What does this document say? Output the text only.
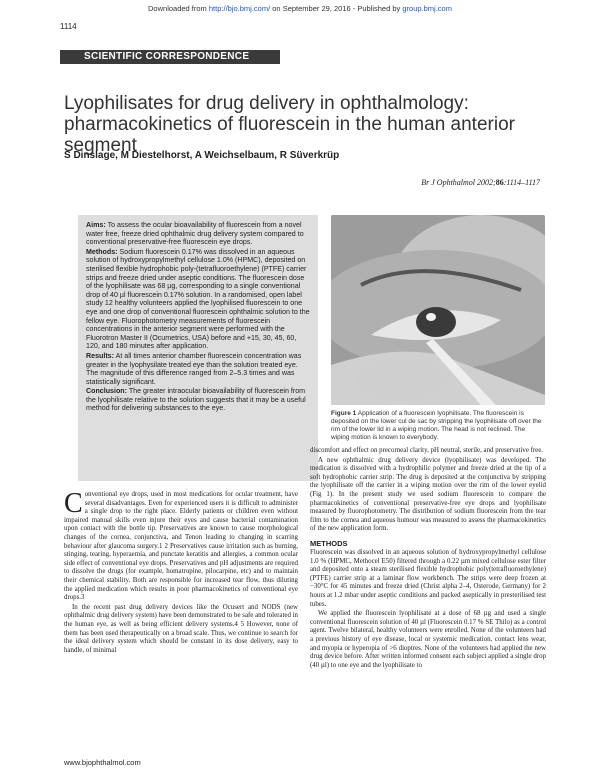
Downloaded from http://bjo.bmj.com/ on September 29, 2016 - Published by group.bmj.com
1114
SCIENTIFIC CORRESPONDENCE
Lyophilisates for drug delivery in ophthalmology: pharmacokinetics of fluorescein in the human anterior segment
S Dinslage, M Diestelhorst, A Weichselbaum, R Süverkrüp
Br J Ophthalmol 2002;86:1114–1117

Aims: To assess the ocular bioavailability of fluorescein from a novel water free, freeze dried ophthalmic drug delivery system compared to conventional preservative-free fluorescein eye drops.

Methods: Sodium fluorescein 0.17% was dissolved in an aqueous solution of hydroxypropylmethyl cellulose 1.0% (HPMC), deposited on sterilised flexible hydrophobic poly-(tetrafluoroethylene) (PTFE) carrier strips and freeze dried under aseptic conditions. The fluorescein dose of the lyophilisate was 68 µg, corresponding to a single conventional drop of 40 µl fluorescein 0.17% solution. In a randomised, open label study 12 healthy volunteers applied the lyophilised fluorescein to one eye and one drop of conventional fluorescein ophthalmic solution to the fellow eye. Fluorophotometry measurements of fluorescein concentrations in the anterior segment were performed with the Fluorotron Master II (Ocumetrics, USA) before and +15, 30, 45, 60, 120, and 180 minutes after application.

Results: At all times anterior chamber fluorescein concentration was greater in the lyophysilate treated eye than the solution treated eye. The magnitude of this difference ranged from 2–5.3 times and was statistically significant.

Conclusion: The greater intraocular bioavailability of fluorescein from the lyophilisate relative to the solution suggests that it may be a useful method for delivering substances to the eye.

Figure 1 Application of a fluorescein lyophilisate. The fluorescein is deposited on the lower cul de sac by stripping the lyophilisate off over the rim of the lower lid in a wiping motion. The head is not reclined. The wiping motion is known to everybody.

Conventional eye drops, used in most medications for ocular treatment, have several disadvantages. Even for experienced users it is difficult to administer a single drop to the right place. Elderly patients or children even without impaired manual skills even injure their eyes and cause bacterial contamination upon contact with the bottle tip. Preservatives are known to cause morphological changes of the cornea, conjunctiva, and Tenon leading to changing in scarring behaviour after glaucoma surgery.1 2 Preservatives cause irritation such as burning, stinging, tearing, hyperaemia, and punctate keratitis and allergies, a common ocular side effect of conventional eye drops. Preservatives and pH adjustments are required to dissolve the drugs (for example, homatropine, pilocarpine, etc) and to maintain their chemical stability. Both are responsible for increased tear flow, thus diluting the applied medication which results in poor pharmacokinetics of conventional eye drops.3

In the recent past drug delivery devices like the Ocusert and NODS (new ophthalmic drug delivery system) have been demonstrated to be safe and tolerated in the human eye, as well as being efficient delivery systems.4 5 However, none of them has been used therapeutically on a broad scale. Thus, we continue to search for the ideal delivery system which should be constant in its dose delivery, easy to handle, of minimal

discomfort and effect on precorneal clarity, pH neutral, sterile, and preservative free.

A new ophthalmic drug delivery device (lyophilisate) was developed. The medication is dissolved with a hydrophilic polymer and freeze dried at the tip of a soft hydrophobic carrier strip. The drug is deposited at the conjunctiva by stripping the lyophilisate off the carrier in a wiping motion over the rim of the lower eyelid (Fig 1). In the present study we used sodium fluorescein to compare the pharmacokinetics of conventional preservative-free eye drops and lyophilisate measured by fluorophotometry. The distribution of sodium fluorescein from the tear film to the cornea and aqueous humour was measured to assess the pharmacokinetics of the new application form.

METHODS

Fluorescein was dissolved in an aqueous solution of hydroxypropylmethyl cellulose 1.0 % (HPMC, Methocel E50) filtered through a 0.22 µm mixed cellulose ester filter and deposited onto a steam sterilised flexible hydrophobic poly(tetrafluoroethylene) (PTFE) carrier strip at a laminar flow workbench. The strips were deep frozen at −30°C for 45 minutes and freeze dried (Christ alpha 2–4, Osterode, Germany) for 2 hours at 1.2 mbar under aseptic conditions and packed aseptically in presterilised test tubes.

We applied the fluorescein lyophilisate at a dose of 68 µg and used a single conventional fluorescein solution of 40 µl (Fluorescein 0.17 % SE Thilo) as a control agent. Twelve bilateral, healthy volunteers were enrolled. None of the volunteers had a previous history of eye disease, local or systemic medication, contact lens wear, and myopia or hyperopia of >6 dioptres. None of the volunteers had applied the new drug device before. After written informed consent each subject applied a single drop (40 µl) to one eye and the lyophilisate to

www.bjophthalmol.com
